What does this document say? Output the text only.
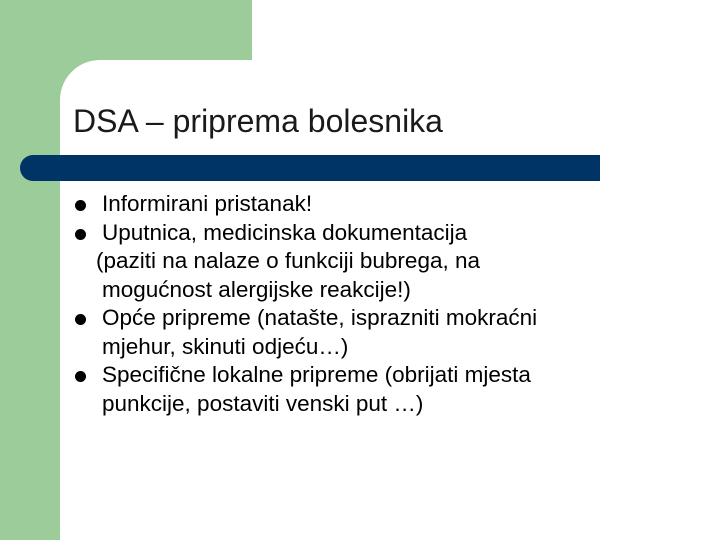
DSA – priprema bolesnika
Informirani pristanak!
Uputnica, medicinska dokumentacija
(paziti na nalaze o funkciji bubrega, na
mogućnost alergijske reakcije!)
Opće pripreme (natašte, isprazniti mokraćni
mjehur, skinuti odjeću…)
Specifične lokalne pripreme (obrijati mjesta
punkcije, postaviti venski put …)
